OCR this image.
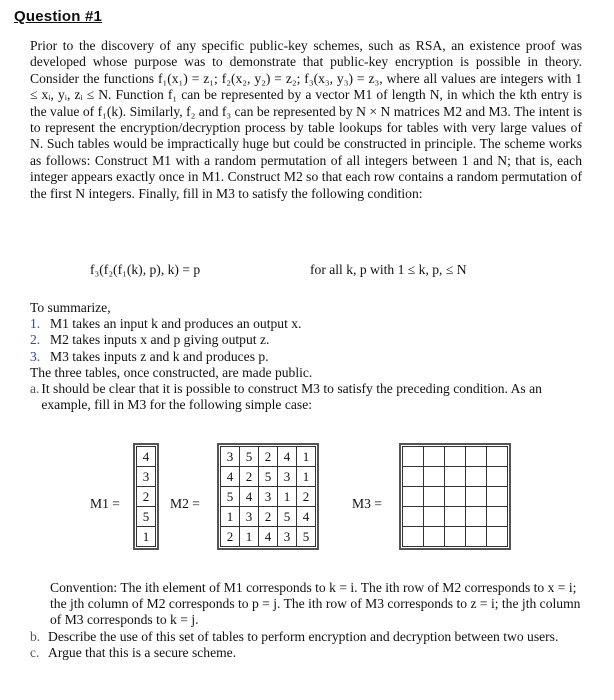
Question #1

Prior to the discovery of any specific public-key schemes, such as RSA, an existence proof was developed whose purpose was to demonstrate that public-key encryption is possible in theory. Consider the functions f₁(x₁) = z₁; f₂(x₂, y₂) = z₂; f₃(x₃, y₃) = z₃, where all values are integers with 1 ≤ xᵢ, yᵢ, zᵢ ≤ N. Function f₁ can be represented by a vector M1 of length N, in which the kth entry is the value of f₁(k). Similarly, f₂ and f₃ can be represented by N × N matrices M2 and M3. The intent is to represent the encryption/decryption process by table lookups for tables with very large values of N. Such tables would be impractically huge but could be constructed in principle. The scheme works as follows: Construct M1 with a random permutation of all integers between 1 and N; that is, each integer appears exactly once in M1. Construct M2 so that each row contains a random permutation of the first N integers. Finally, fill in M3 to satisfy the following condition:

f₃(f₂(f₁(k), p), k) = p	for all k, p with 1 ≤ k, p, ≤ N
To summarize,
1. M1 takes an input k and produces an output x.
2. M2 takes inputs x and p giving output z.
3. M3 takes inputs z and k and produces p.
The three tables, once constructed, are made public.
a. It should be clear that it is possible to construct M3 to satisfy the preceding condition. As an example, fill in M3 for the following simple case:
M1 =
4
3
2
5
1
M2 =
3	5	2	4	1
4	2	5	3	1
5	4	3	1	2
1	3	2	5	4
2	1	4	3	5
M3 =

Convention: The ith element of M1 corresponds to k = i. The ith row of M2 corresponds to x = i; the jth column of M2 corresponds to p = j. The ith row of M3 corresponds to z = i; the jth column of M3 corresponds to k = j.

b. Describe the use of this set of tables to perform encryption and decryption between two users.
c. Argue that this is a secure scheme.
